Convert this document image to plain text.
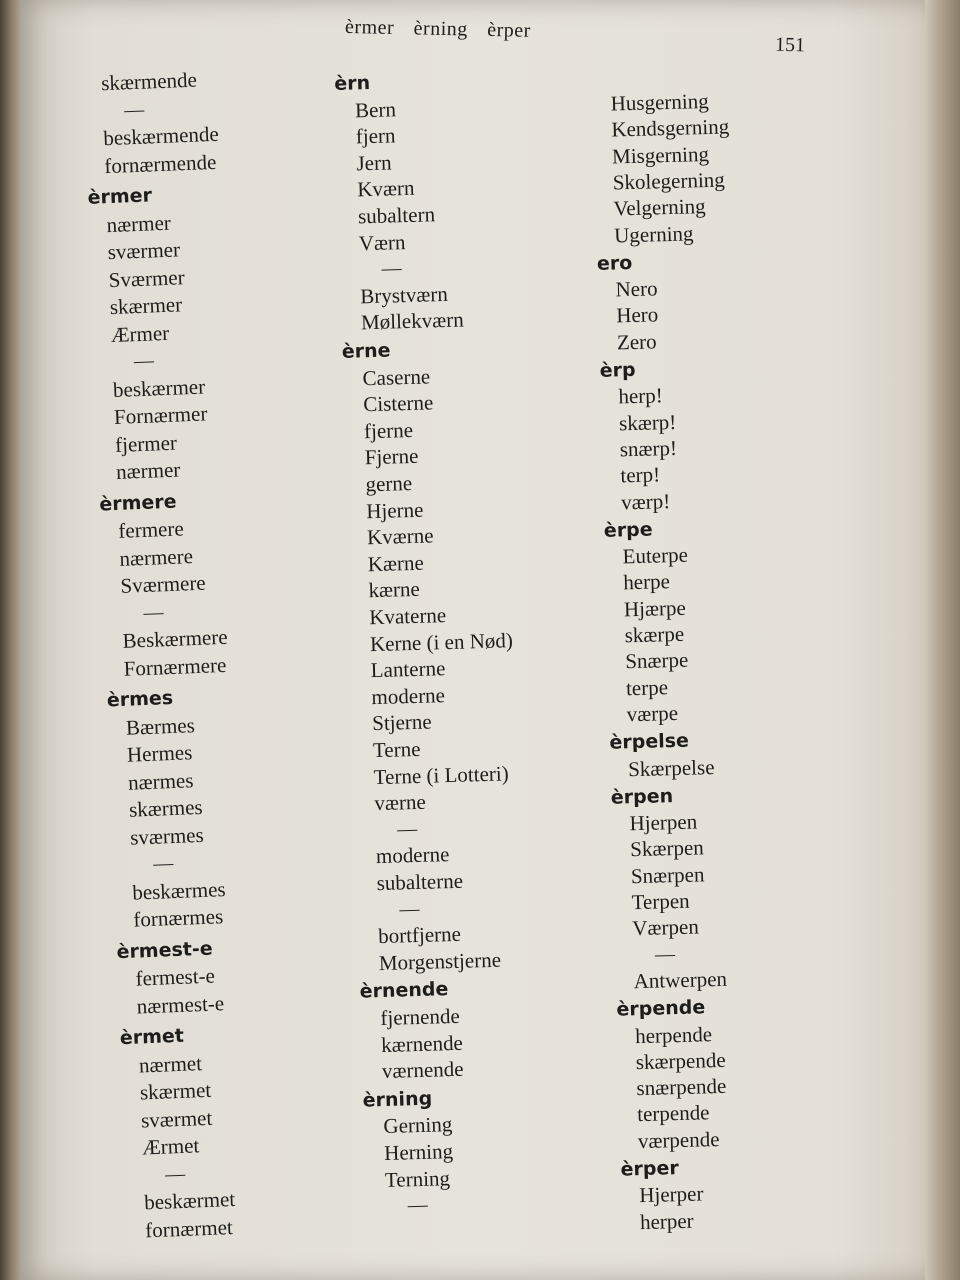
èrmer èrning èrper
151
skærmende
—
beskærmende
fornærmende
èrmer
nærmer
sværmer
Sværmer
skærmer
Ærmer
—
beskærmer
Fornærmer
fjermer
nærmer
èrmere
fermere
nærmere
Sværmere
—
Beskærmere
Fornærmere
èrmes
Bærmes
Hermes
nærmes
skærmes
sværmes
—
beskærmes
fornærmes
èrmest-e
fermest-e
nærmest-e
èrmet
nærmet
skærmet
sværmet
Ærmet
—
beskærmet
fornærmet
èrn
Bern
fjern
Jern
Kværn
subaltern
Værn
—
Brystværn
Møllekværn
èrne
Caserne
Cisterne
fjerne
Fjerne
gerne
Hjerne
Kværne
Kærne
kærne
Kvaterne
Kerne (i en Nød)
Lanterne
moderne
Stjerne
Terne
Terne (i Lotteri)
værne
—
moderne
subalterne
—
bortfjerne
Morgenstjerne
èrnende
fjernende
kærnende
værnende
èrning
Gerning
Herning
Terning
—
Husgerning
Kendsgerning
Misgerning
Skolegerning
Velgerning
Ugerning
ero
Nero
Hero
Zero
èrp
herp!
skærp!
snærp!
terp!
værp!
èrpe
Euterpe
herpe
Hjærpe
skærpe
Snærpe
terpe
værpe
èrpelse
Skærpelse
èrpen
Hjerpen
Skærpen
Snærpen
Terpen
Værpen
—
Antwerpen
èrpende
herpende
skærpende
snærpende
terpende
værpende
èrper
Hjerper
herper
